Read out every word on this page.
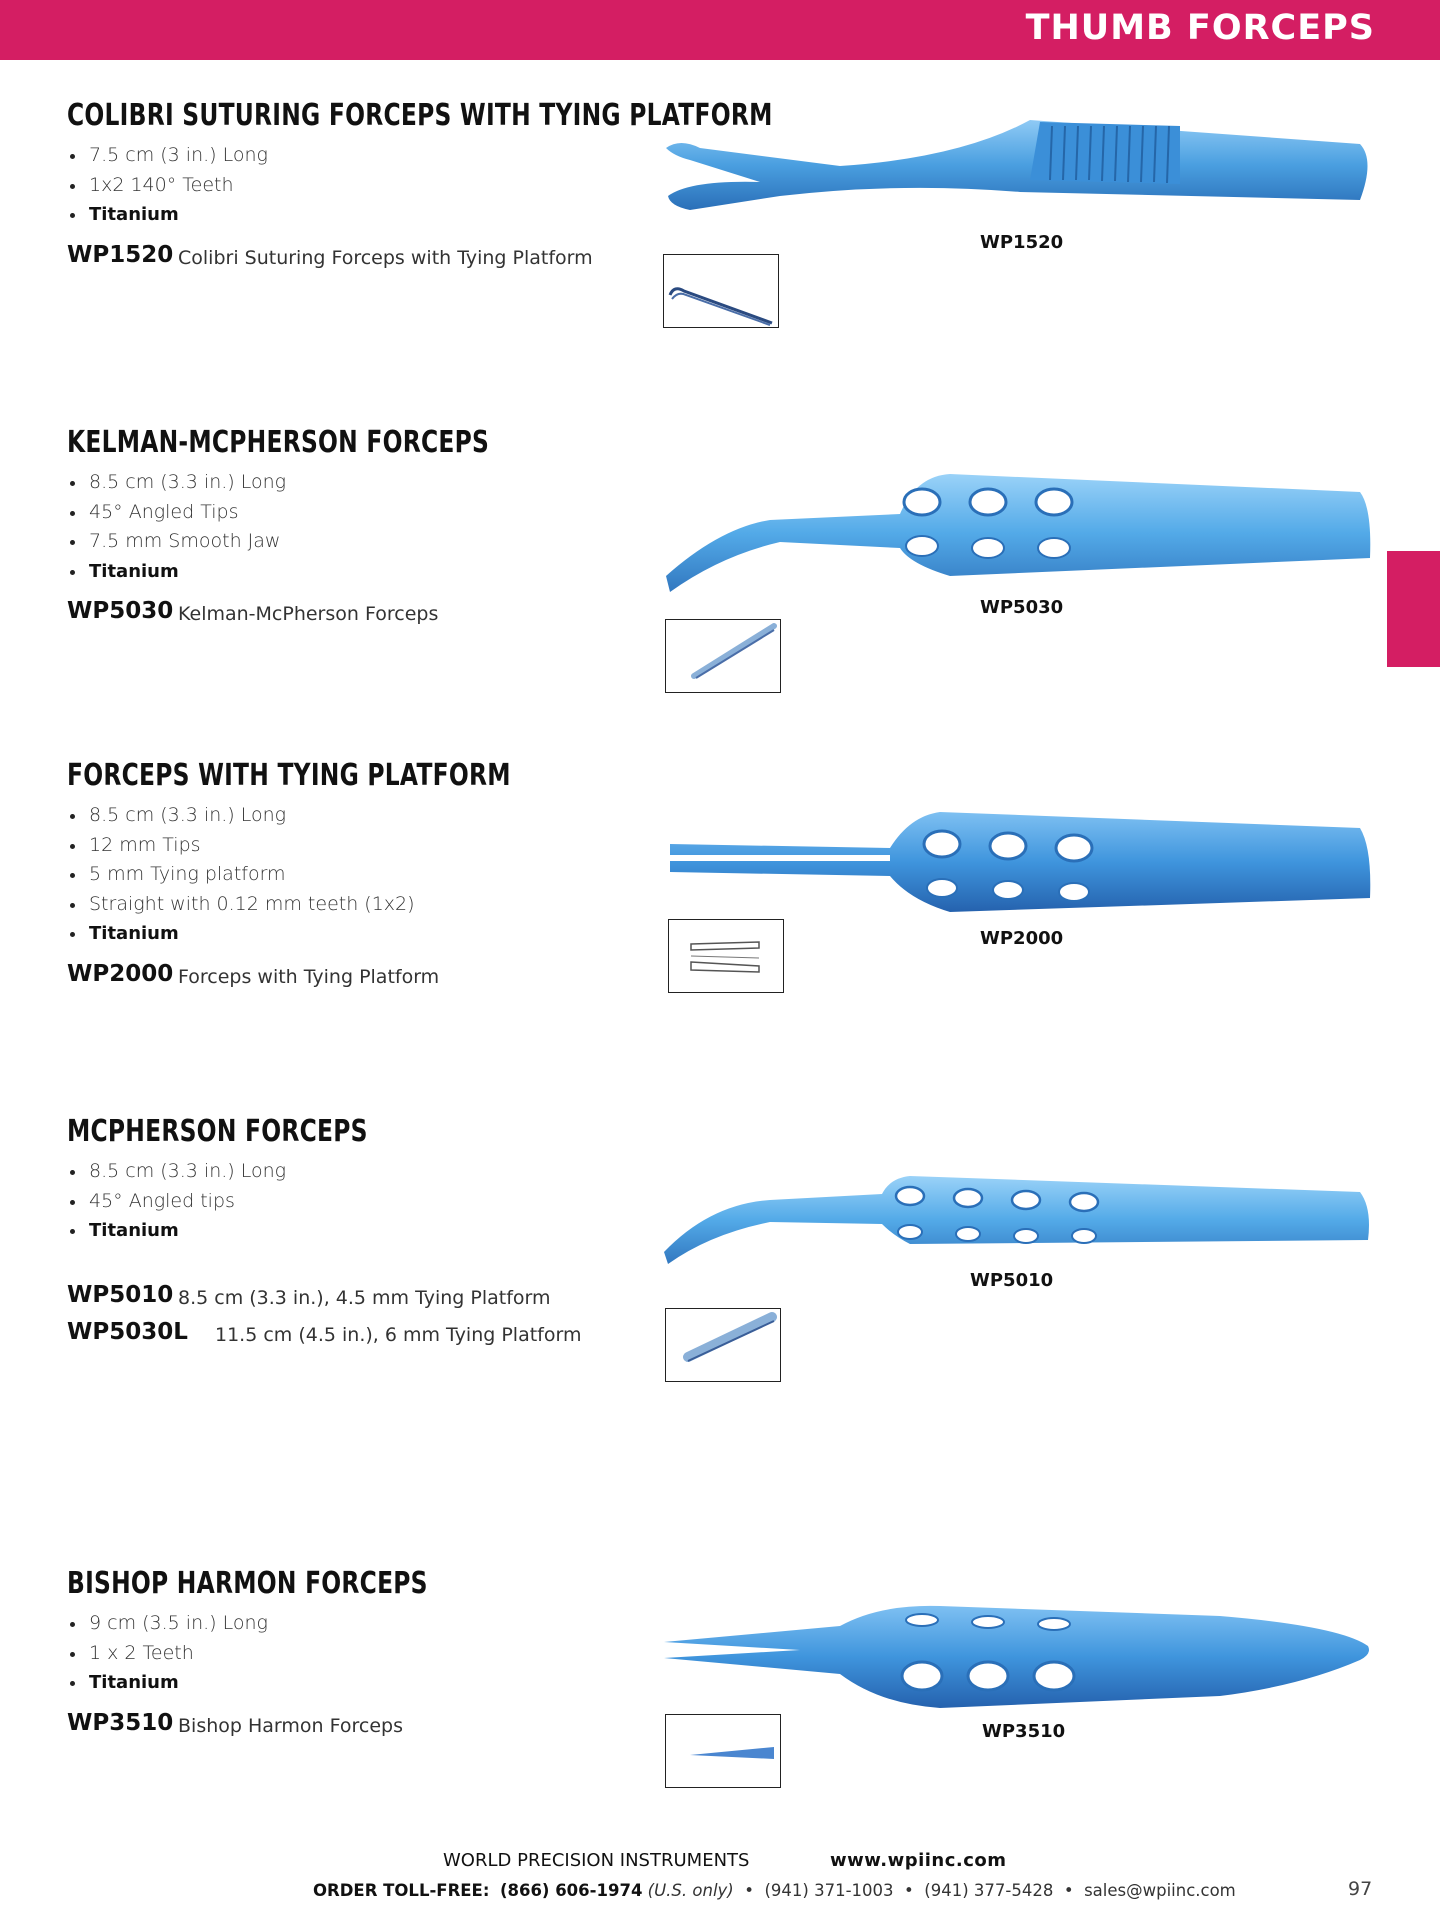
THUMB FORCEPS
COLIBRI SUTURING FORCEPS WITH TYING PLATFORM
7.5 cm (3 in.) Long
1x2 140° Teeth
Titanium
WP1520 Colibri Suturing Forceps with Tying Platform
KELMAN-MCPHERSON FORCEPS
8.5 cm (3.3 in.) Long
45° Angled Tips
7.5 mm Smooth Jaw
Titanium
WP5030 Kelman-McPherson Forceps
FORCEPS WITH TYING PLATFORM
8.5 cm (3.3 in.) Long
12 mm Tips
5 mm Tying platform
Straight with 0.12 mm teeth (1x2)
Titanium
WP2000 Forceps with Tying Platform
MCPHERSON FORCEPS
8.5 cm (3.3 in.) Long
45° Angled tips
Titanium
WP5010 8.5 cm (3.3 in.), 4.5 mm Tying Platform
WP5030L 11.5 cm (4.5 in.), 6 mm Tying Platform
BISHOP HARMON FORCEPS
9 cm (3.5 in.) Long
1 x 2 Teeth
Titanium
WP3510 Bishop Harmon Forceps
WP1520
WP5030
WP2000
WP5010
WP3510
WORLD PRECISION INSTRUMENTS	www.wpiinc.com
ORDER TOLL-FREE: (866) 606-1974 (U.S. only) • (941) 371-1003 • (941) 377-5428 • sales@wpiinc.com	97
